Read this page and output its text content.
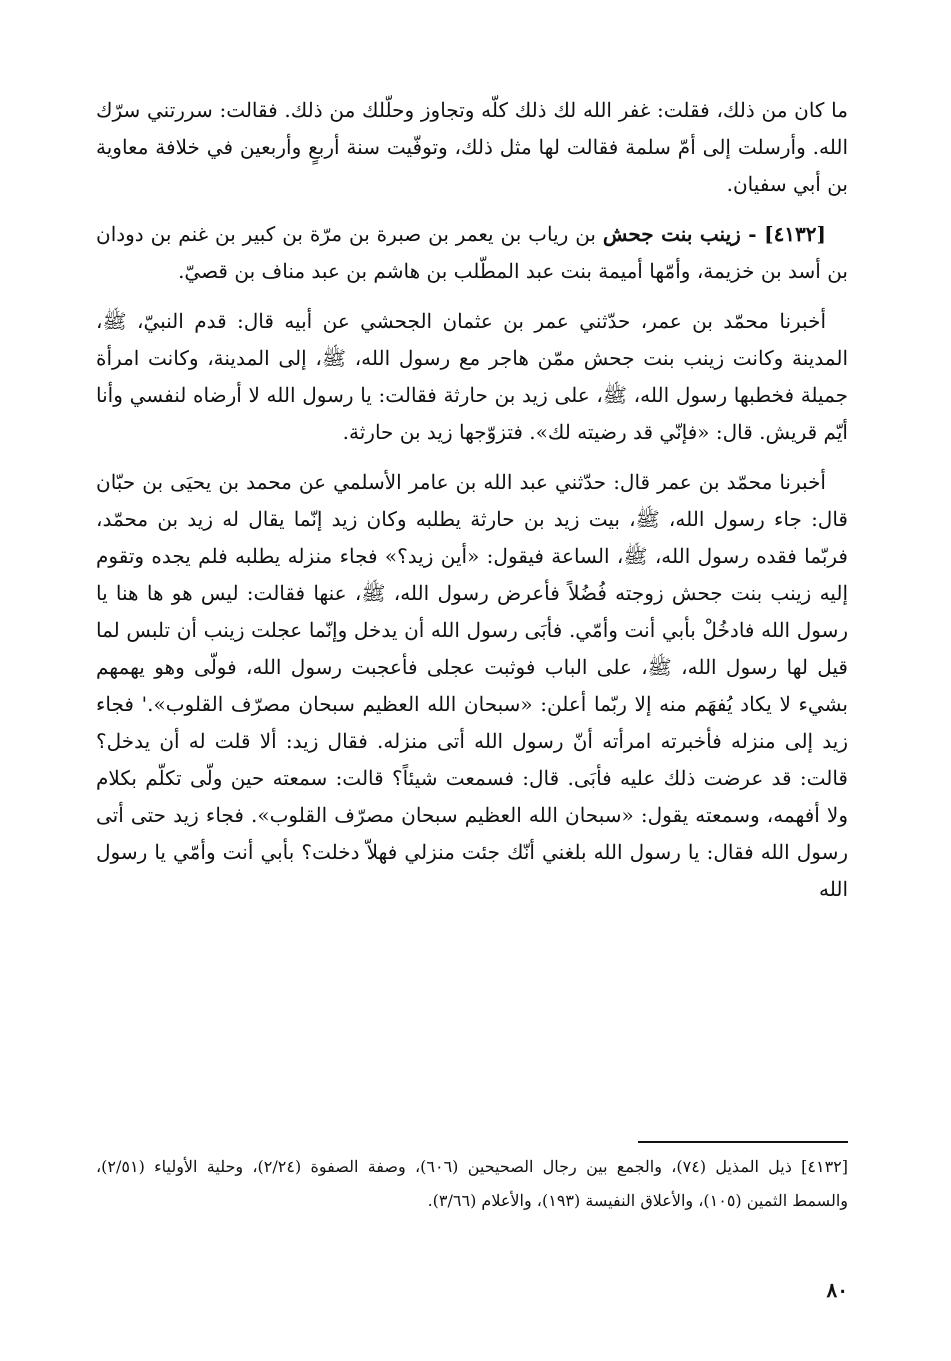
ما كان من ذلك، فقلت: غفر الله لك ذلك كلّه وتجاوز وحلّلك من ذلك. فقالت: سررتني سرّك الله. وأرسلت إلى أمّ سلمة فقالت لها مثل ذلك، وتوفّيت سنة أربعٍ وأربعين في خلافة معاوية بن أبي سفيان.

[٤١٣٢] - زينب بنت جحش بن رياب بن يعمر بن صبرة بن مرّة بن كبير بن غنم بن دودان بن أسد بن خزيمة، وأمّها أميمة بنت عبد المطّلب بن هاشم بن عبد مناف بن قصيّ.

أخبرنا محمّد بن عمر، حدّثني عمر بن عثمان الجحشي عن أبيه قال: قدم النبيّ، ﷺ، المدينة وكانت زينب بنت جحش ممّن هاجر مع رسول الله، ﷺ، إلى المدينة، وكانت امرأة جميلة فخطبها رسول الله، ﷺ، على زيد بن حارثة فقالت: يا رسول الله لا أرضاه لنفسي وأنا أيّم قريش. قال: «فإنّي قد رضيته لك». فتزوّجها زيد بن حارثة.

أخبرنا محمّد بن عمر قال: حدّثني عبد الله بن عامر الأسلمي عن محمد بن يحيَى بن حبّان قال: جاء رسول الله، ﷺ، بيت زيد بن حارثة يطلبه وكان زيد إنّما يقال له زيد بن محمّد، فربّما فقده رسول الله، ﷺ، الساعة فيقول: «أين زيد؟» فجاء منزله يطلبه فلم يجده وتقوم إليه زينب بنت جحش زوجته فُضُلاً فأعرض رسول الله، ﷺ، عنها فقالت: ليس هو ها هنا يا رسول الله فادخُلْ بأبي أنت وأمّي. فأبَى رسول الله أن يدخل وإنّما عجلت زينب أن تلبس لما قيل لها رسول الله، ﷺ، على الباب فوثبت عجلى فأعجبت رسول الله، فولّى وهو يهمهم بشيء لا يكاد يُفهَم منه إلا ربّما أعلن: «سبحان الله العظيم سبحان مصرّف القلوب».' فجاء زيد إلى منزله فأخبرته امرأته أنّ رسول الله أتى منزله. فقال زيد: ألا قلت له أن يدخل؟ قالت: قد عرضت ذلك عليه فأبَى. قال: فسمعت شيئاً؟ قالت: سمعته حين ولّى تكلّم بكلام ولا أفهمه، وسمعته يقول: «سبحان الله العظيم سبحان مصرّف القلوب». فجاء زيد حتى أتى رسول الله فقال: يا رسول الله بلغني أنّك جئت منزلي فهلاّ دخلت؟ بأبي أنت وأمّي يا رسول الله

[٤١٣٢] ذيل المذيل (٧٤)، والجمع بين رجال الصحيحين (٦٠٦)، وصفة الصفوة (٢/٢٤)، وحلية الأولياء (٢/٥١)، والسمط الثمين (١٠٥)، والأعلاق النفيسة (١٩٣)، والأعلام (٣/٦٦).

٨٠
